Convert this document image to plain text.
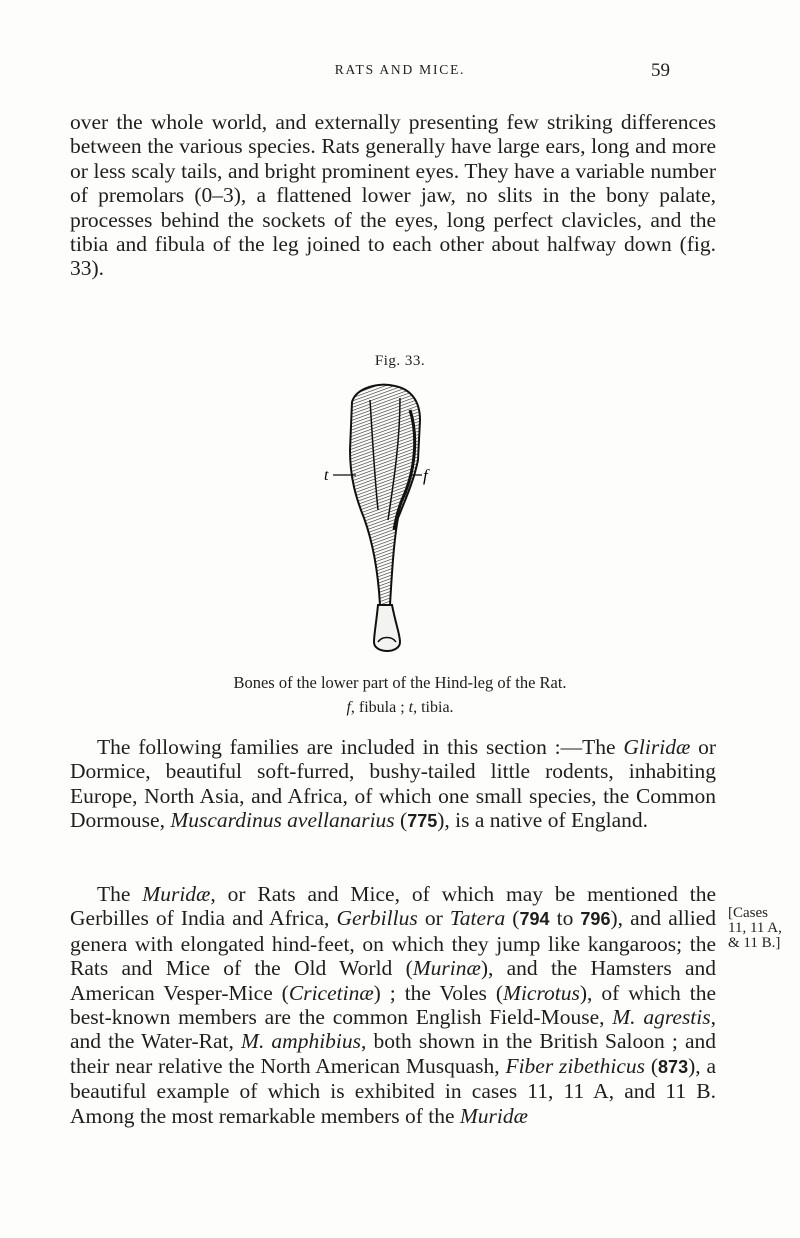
RATS AND MICE.	59

over the whole world, and externally presenting few striking differences between the various species. Rats generally have large ears, long and more or less scaly tails, and bright prominent eyes. They have a variable number of premolars (0–3), a flattened lower jaw, no slits in the bony palate, processes behind the sockets of the eyes, long perfect clavicles, and the tibia and fibula of the leg joined to each other about halfway down (fig. 33).

Fig. 33.
t	f
Bones of the lower part of the Hind-leg of the Rat.
f, fibula ; t, tibia.

The following families are included in this section :—The Gliridæ or Dormice, beautiful soft-furred, bushy-tailed little rodents, inhabiting Europe, North Asia, and Africa, of which one small species, the Common Dormouse, Muscardinus avellanarius (775), is a native of England.

The Muridæ, or Rats and Mice, of which may be mentioned the Gerbilles of India and Africa, Gerbillus or Tatera (794 to 796), and allied genera with elongated hind-feet, on which they jump like kangaroos; the Rats and Mice of the Old World (Murinæ), and the Hamsters and American Vesper-Mice (Cricetinæ) ; the Voles (Microtus), of which the best-known members are the common English Field-Mouse, M. agrestis, and the Water-Rat, M. amphibius, both shown in the British Saloon ; and their near relative the North American Musquash, Fiber zibethicus (873), a beautiful example of which is exhibited in cases 11, 11 A, and 11 B. Among the most remarkable members of the Muridæ

[Cases
11, 11 A,
& 11 B.]
